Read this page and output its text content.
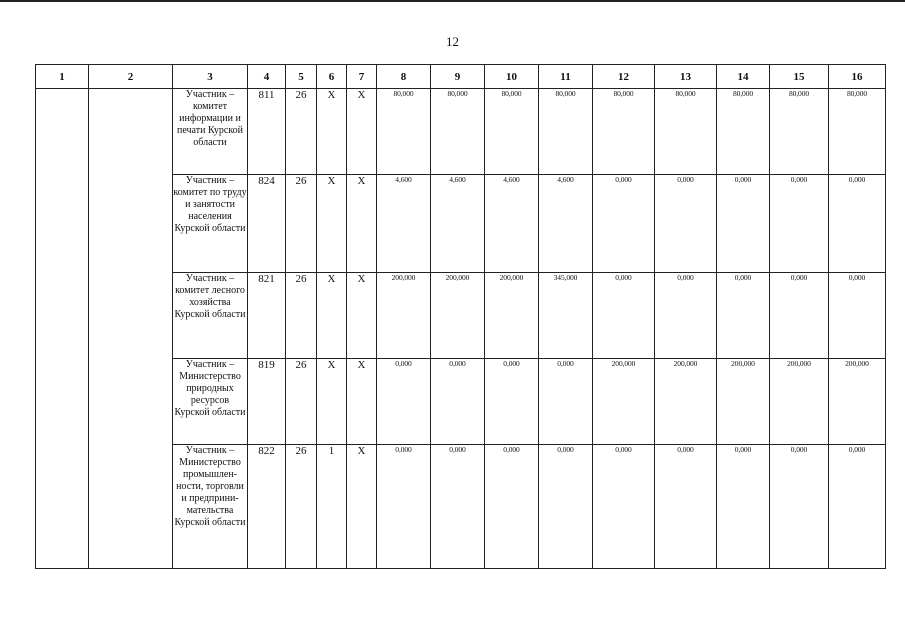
12
1	2	3	4	5	6	7	8	9	10	11	12	13	14	15	16
		Участник – комитет информации и печати Курской области	811	26	Х	Х	80,000	80,000	80,000	80,000	80,000	80,000	80,000	80,000	80,000
		Участник – комитет по труду и занятости населения Курской области	824	26	Х	Х	4,600	4,600	4,600	4,600	0,000	0,000	0,000	0,000	0,000
		Участник – комитет лесного хозяйства Курской области	821	26	Х	Х	200,000	200,000	200,000	345,000	0,000	0,000	0,000	0,000	0,000
		Участник – Министерство природных ресурсов Курской области	819	26	Х	Х	0,000	0,000	0,000	0,000	200,000	200,000	200,000	200,000	200,000
		Участник – Министерство промышлен-ности, торговли и предприни-мательства Курской области	822	26	1	Х	0,000	0,000	0,000	0,000	0,000	0,000	0,000	0,000	0,000
